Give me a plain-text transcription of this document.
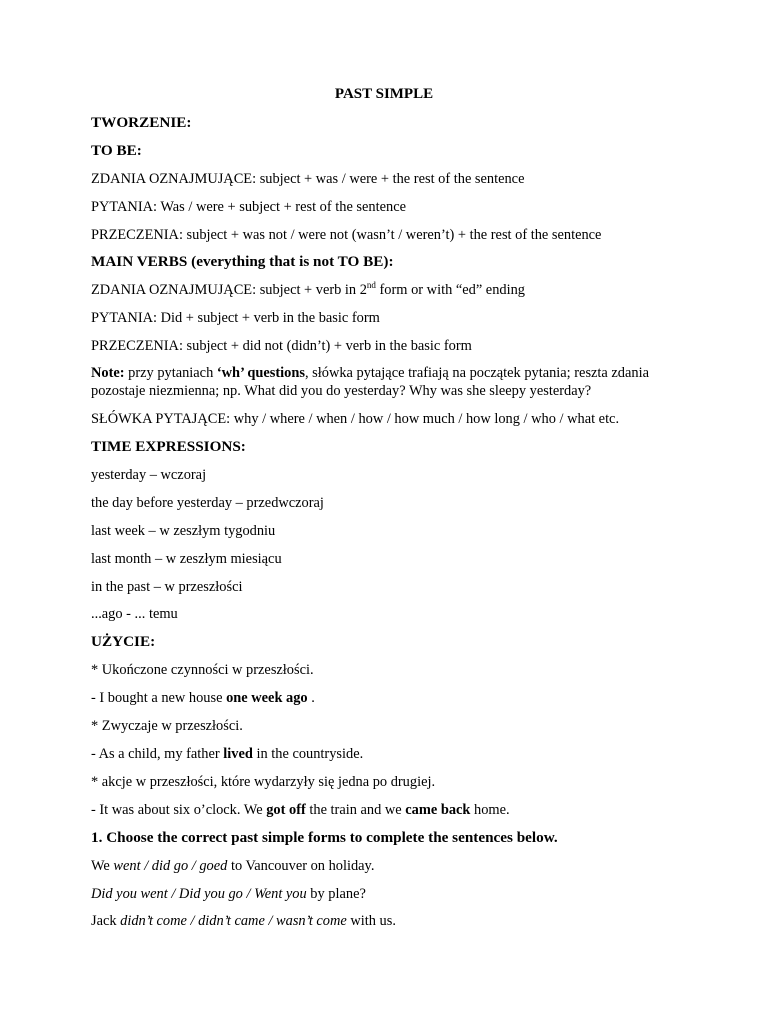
PAST SIMPLE
TWORZENIE:
TO BE:
ZDANIA OZNAJMUJĄCE: subject + was / were + the rest of the sentence
PYTANIA: Was / were + subject + rest of the sentence
PRZECZENIA: subject + was not / were not (wasn’t / weren’t) + the rest of the sentence
MAIN VERBS (everything that is not TO BE):
ZDANIA OZNAJMUJĄCE: subject + verb in 2nd form or with “ed” ending
PYTANIA: Did + subject + verb in the basic form
PRZECZENIA: subject + did not (didn’t) + verb in the basic form
Note: przy pytaniach ‘wh’ questions, słówka pytające trafiają na początek pytania; reszta zdania pozostaje niezmienna; np. What did you do yesterday? Why was she sleepy yesterday?
SŁÓWKA PYTAJĄCE: why / where / when / how / how much / how long / who / what etc.
TIME EXPRESSIONS:
yesterday – wczoraj
the day before yesterday – przedwczoraj
last week – w zeszłym tygodniu
last month – w zeszłym miesiącu
in the past – w przeszłości
...ago - ... temu
UŻYCIE:
* Ukończone czynności w przeszłości.
- I bought a new house one week ago .
* Zwyczaje w przeszłości.
- As a child, my father lived in the countryside.
* akcje w przeszłości, które wydarzyły się jedna po drugiej.
- It was about six o’clock. We got off the train and we came back home.
1. Choose the correct past simple forms to complete the sentences below.
We went / did go / goed to Vancouver on holiday.
Did you went / Did you go / Went you by plane?
Jack didn’t come / didn’t came / wasn’t come with us.
